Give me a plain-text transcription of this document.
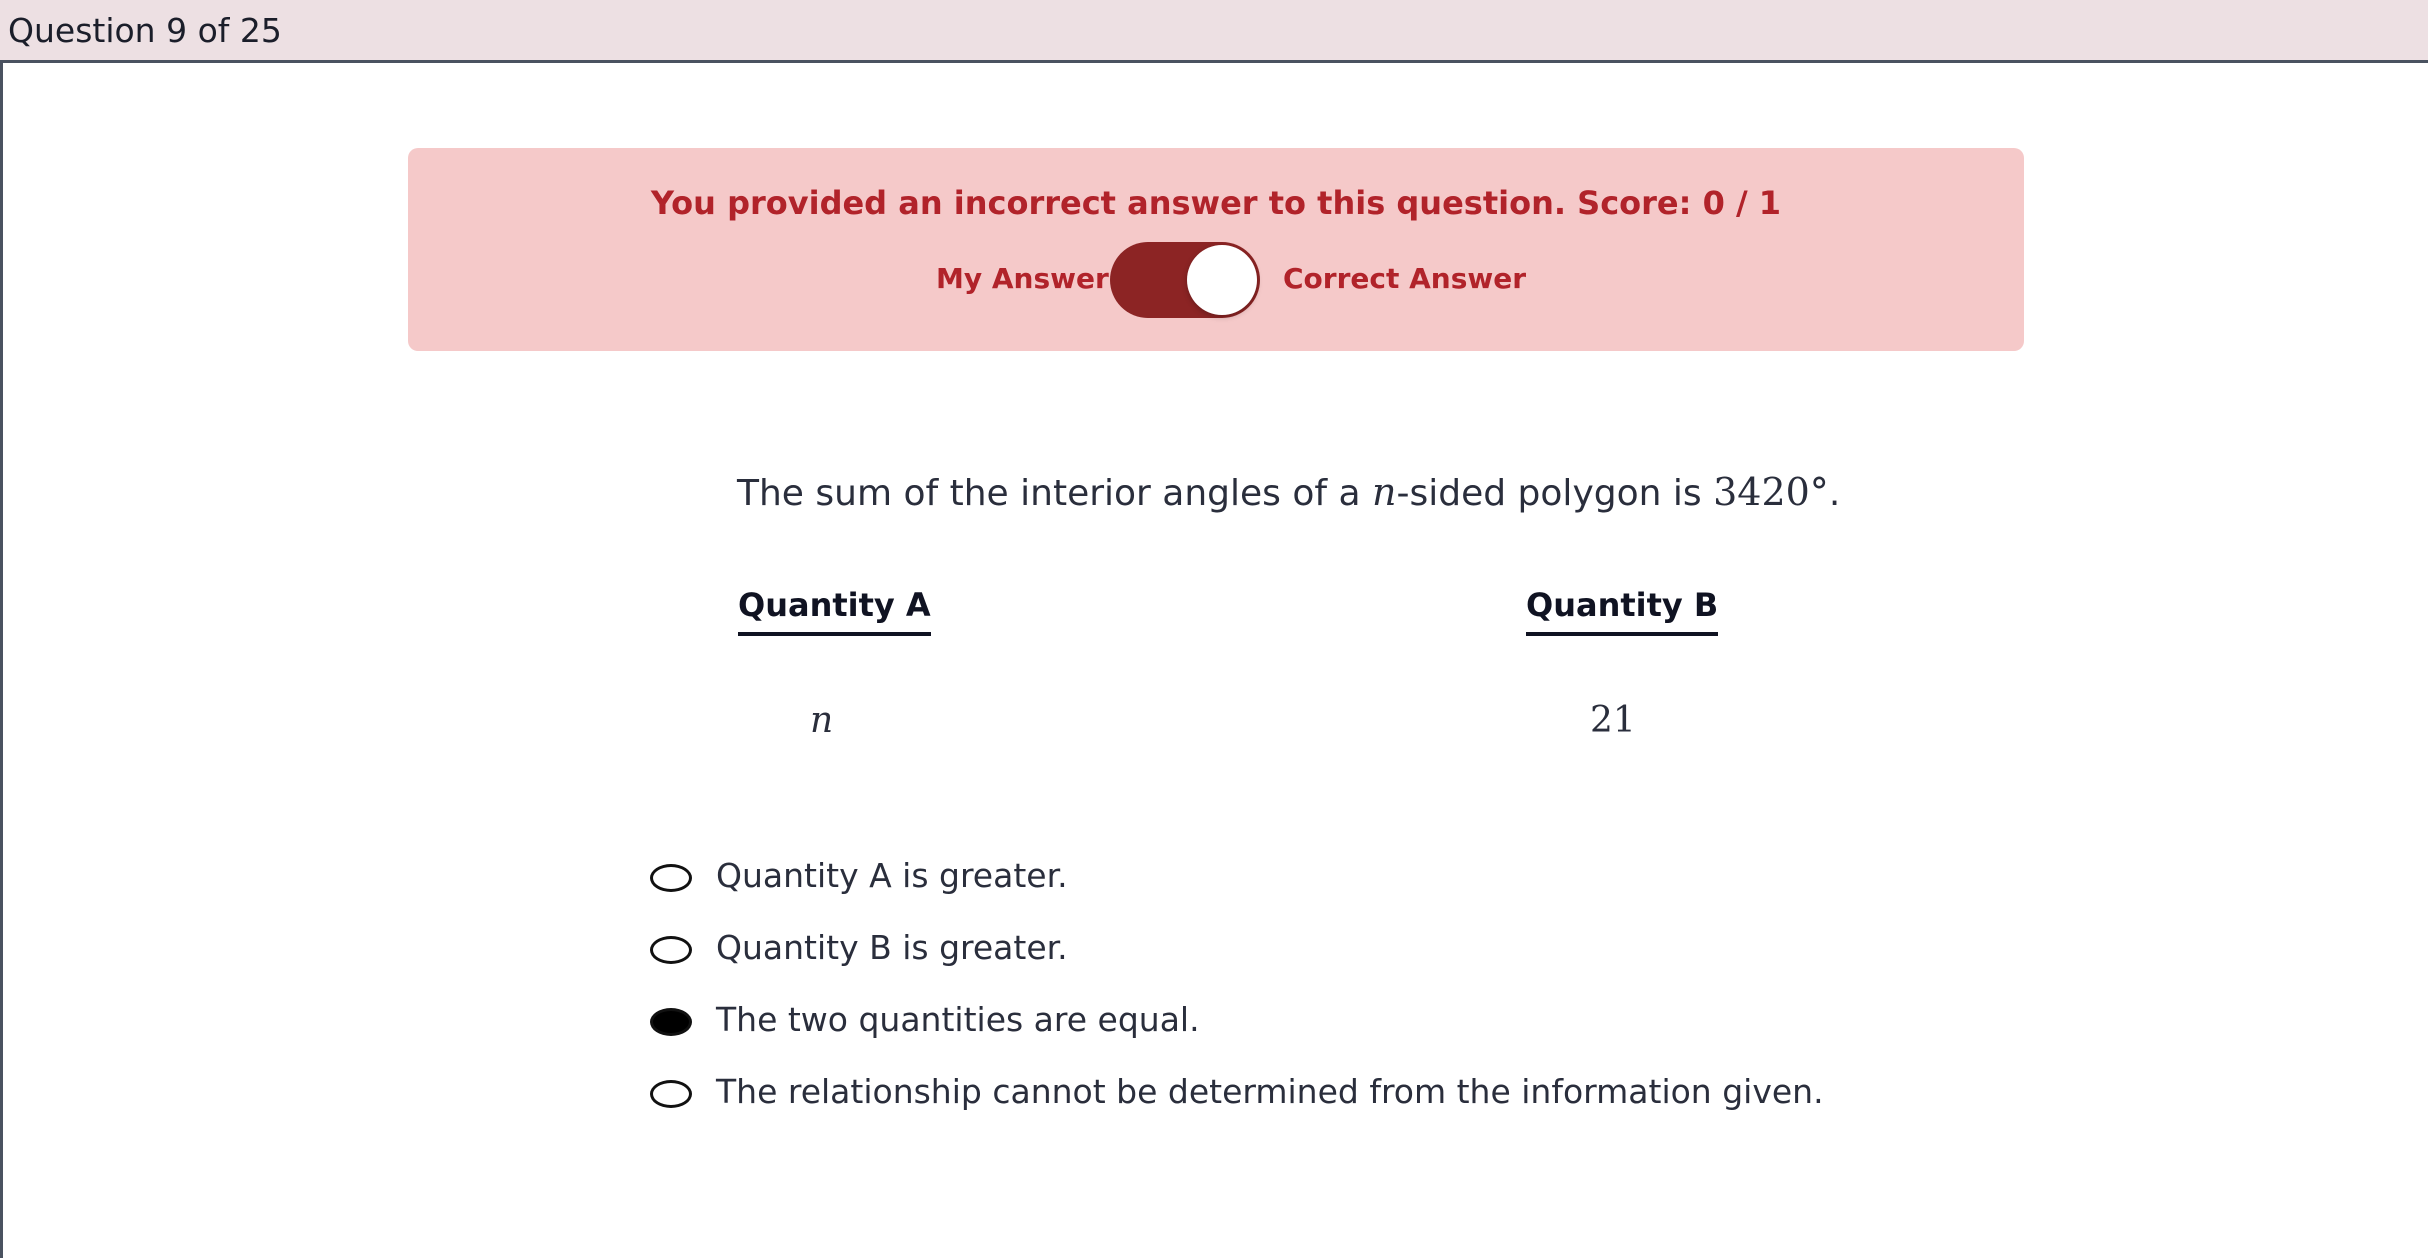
Question 9 of 25
You provided an incorrect answer to this question. Score: 0 / 1
My Answer	Correct Answer
The sum of the interior angles of a n-sided polygon is 3420°.
Quantity A	Quantity B
n	21
Quantity A is greater.
Quantity B is greater.
The two quantities are equal.
The relationship cannot be determined from the information given.
